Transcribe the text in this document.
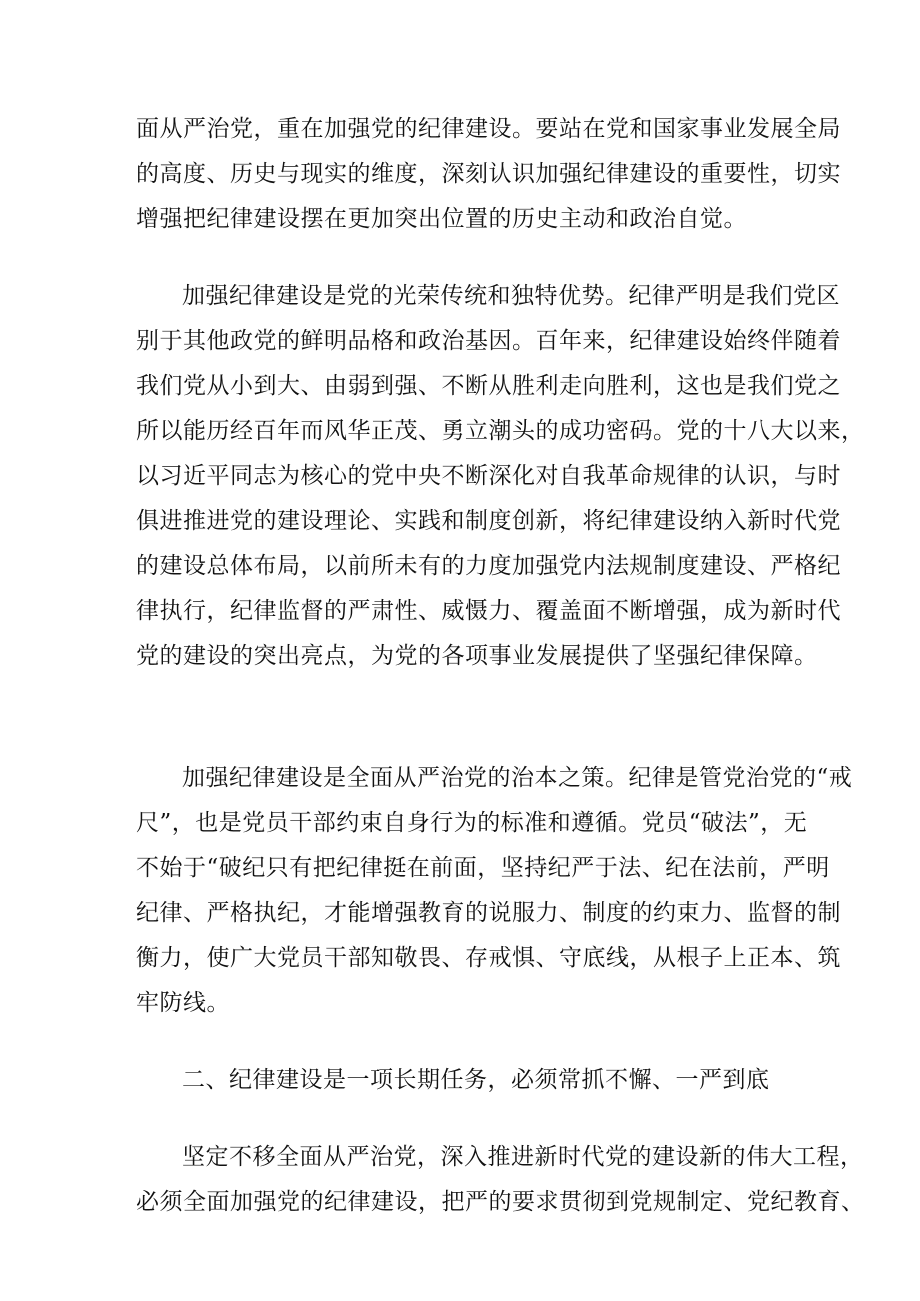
面从严治党，重在加强党的纪律建设。要站在党和国家事业发展全局
的高度、历史与现实的维度，深刻认识加强纪律建设的重要性，切实
增强把纪律建设摆在更加突出位置的历史主动和政治自觉。
加强纪律建设是党的光荣传统和独特优势。纪律严明是我们党区
别于其他政党的鲜明品格和政治基因。百年来，纪律建设始终伴随着
我们党从小到大、由弱到强、不断从胜利走向胜利，这也是我们党之
所以能历经百年而风华正茂、勇立潮头的成功密码。党的十八大以来，
以习近平同志为核心的党中央不断深化对自我革命规律的认识，与时
俱进推进党的建设理论、实践和制度创新，将纪律建设纳入新时代党
的建设总体布局，以前所未有的力度加强党内法规制度建设、严格纪
律执行，纪律监督的严肃性、威慑力、覆盖面不断增强，成为新时代
党的建设的突出亮点，为党的各项事业发展提供了坚强纪律保障。
加强纪律建设是全面从严治党的治本之策。纪律是管党治党的“戒
尺”，也是党员干部约束自身行为的标准和遵循。党员“破法”，无
不始于“破纪只有把纪律挺在前面，坚持纪严于法、纪在法前，严明
纪律、严格执纪，才能增强教育的说服力、制度的约束力、监督的制
衡力，使广大党员干部知敬畏、存戒惧、守底线，从根子上正本、筑
牢防线。
二、纪律建设是一项长期任务，必须常抓不懈、一严到底
坚定不移全面从严治党，深入推进新时代党的建设新的伟大工程，
必须全面加强党的纪律建设，把严的要求贯彻到党规制定、党纪教育、
